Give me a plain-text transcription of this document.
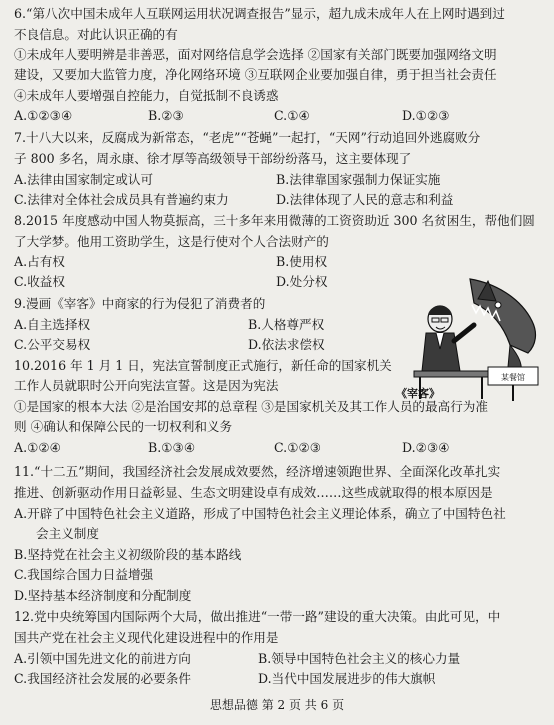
6.“第八次中国未成年人互联网运用状况调查报告”显示，超九成未成年人在上网时遇到过
不良信息。对此认识正确的有
①未成年人要明辨是非善恶，面对网络信息学会选择 ②国家有关部门既要加强网络文明
建设，又要加大监管力度，净化网络环境 ③互联网企业要加强自律，勇于担当社会责任
④未成年人要增强自控能力，自觉抵制不良诱惑
A.①②③④	B.②③	C.①④	D.①②③
7.十八大以来，反腐成为新常态，“老虎”“苍蝇”一起打，“天网”行动追回外逃腐败分
子 800 多名，周永康、徐才厚等高级领导干部纷纷落马，这主要体现了
A.法律由国家制定或认可	B.法律靠国家强制力保证实施
C.法律对全体社会成员具有普遍约束力	D.法律体现了人民的意志和利益
8.2015 年度感动中国人物莫振高，三十多年来用微薄的工资资助近 300 名贫困生，帮他们圆
了大学梦。他用工资助学生，这是行使对个人合法财产的
A.占有权	B.使用权
C.收益权	D.处分权
9.漫画《宰客》中商家的行为侵犯了消费者的
A.自主选择权	B.人格尊严权
C.公平交易权	D.依法求偿权
某餐馆
《宰客》
10.2016 年 1 月 1 日，宪法宣誓制度正式施行，新任命的国家机关
工作人员就职时公开向宪法宣誓。这是因为宪法
①是国家的根本大法 ②是治国安邦的总章程 ③是国家机关及其工作人员的最高行为准
则 ④确认和保障公民的一切权利和义务
A.①②④	B.①③④	C.①②③	D.②③④
11.“十二五”期间，我国经济社会发展成效要然，经济增速领跑世界、全面深化改革扎实
推进、创新驱动作用日益彰显、生态文明建设卓有成效……这些成就取得的根本原因是
A.开辟了中国特色社会主义道路，形成了中国特色社会主义理论体系，确立了中国特色社
会主义制度
B.坚持党在社会主义初级阶段的基本路线
C.我国综合国力日益增强
D.坚持基本经济制度和分配制度
12.党中央统筹国内国际两个大局，做出推进“一带一路”建设的重大决策。由此可见，中
国共产党在社会主义现代化建设进程中的作用是
A.引领中国先进文化的前进方向	B.领导中国特色社会主义的核心力量
C.我国经济社会发展的必要条件	D.当代中国发展进步的伟大旗帜
思想品德 第 2 页 共 6 页
